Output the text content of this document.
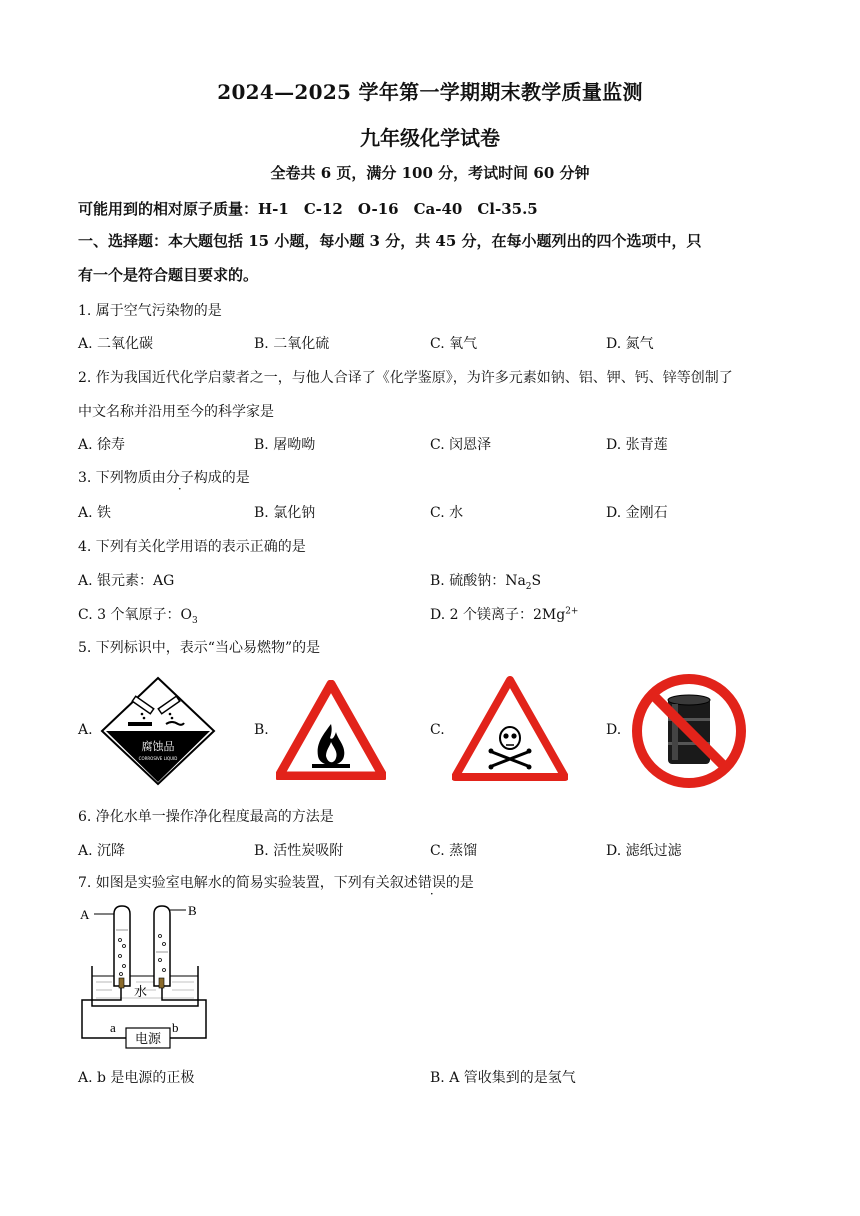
2024—2025 学年第一学期期末教学质量监测
九年级化学试卷
全卷共 6 页，满分 100 分，考试时间 60 分钟
可能用到的相对原子质量：H-1　C-12　O-16　Ca-40　Cl-35.5
一、选择题：本大题包括 15 小题，每小题 3 分，共 45 分，在每小题列出的四个选项中，只
有一个是符合题目要求的。
1. 属于空气污染物的是
A. 二氧化碳	B. 二氧化硫	C. 氧气	D. 氮气
2. 作为我国近代化学启蒙者之一，与他人合译了《化学鉴原》，为许多元素如钠、铝、钾、钙、锌等创制了
中文名称并沿用至今的科学家是
A. 徐寿	B. 屠呦呦	C. 闵恩泽	D. 张青莲
3. 下列物质由分子构成的是
A. 铁	B. 氯化钠	C. 水	D. 金刚石
4. 下列有关化学用语的表示正确的是
A. 银元素：AG	B. 硫酸钠：$Na_2S$
C. 3 个氧原子：$O_3$	D. 2 个镁离子：$2Mg^{2+}$
5. 下列标识中，表示“当心易燃物”的是
A.	B.	C.	D.
腐蚀品
CORROSIVE LIQUID
6. 净化水单一操作净化程度最高的方法是
A. 沉降	B. 活性炭吸附	C. 蒸馏	D. 滤纸过滤
7. 如图是实验室电解水的简易实验装置，下列有关叙述错误的是
A	B
水
a	b
电源
A. b 是电源的正极	B. A 管收集到的是氢气
